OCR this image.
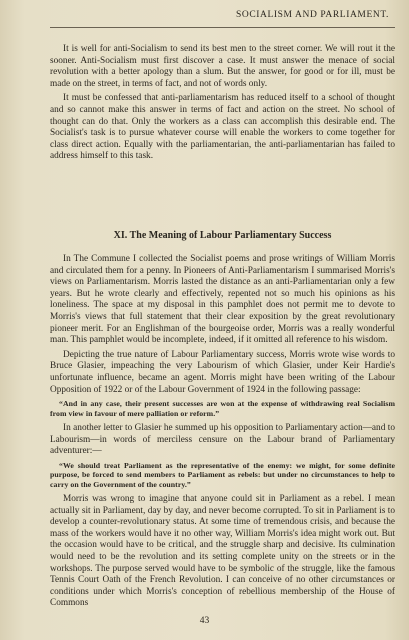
SOCIALISM AND PARLIAMENT.

It is well for anti-Socialism to send its best men to the street corner. We will rout it the sooner. Anti-Socialism must first discover a case. It must answer the menace of social revolution with a better apology than a slum. But the answer, for good or for ill, must be made on the street, in terms of fact, and not of words only.

It must be confessed that anti-parliamentarism has reduced itself to a school of thought and so cannot make this answer in terms of fact and action on the street. No school of thought can do that. Only the workers as a class can accomplish this desirable end. The Socialist's task is to pursue whatever course will enable the workers to come together for class direct action. Equally with the parliamentarian, the anti-parliamentarian has failed to address himself to this task.

XI. The Meaning of Labour Parliamentary Success

In The Commune I collected the Socialist poems and prose writings of William Morris and circulated them for a penny. In Pioneers of Anti-Parliamentarism I summarised Morris's views on Parliamentarism. Morris lasted the distance as an anti-Parliamentarian only a few years. But he wrote clearly and effectively, repented not so much his opinions as his loneliness. The space at my disposal in this pamphlet does not permit me to devote to Morris's views that full statement that their clear exposition by the great revolutionary pioneer merit. For an Englishman of the bourgeoise order, Morris was a really wonderful man. This pamphlet would be incomplete, indeed, if it omitted all reference to his wisdom.

Depicting the true nature of Labour Parliamentary success, Morris wrote wise words to Bruce Glasier, impeaching the very Labourism of which Glasier, under Keir Hardie's unfortunate influence, became an agent. Morris might have been writing of the Labour Opposition of 1922 or of the Labour Government of 1924 in the following passage:

“And in any case, their present successes are won at the expense of withdrawing real Socialism from view in favour of mere palliation or reform.”

In another letter to Glasier he summed up his opposition to Parliamentary action—and to Labourism—in words of merciless censure on the Labour brand of Parliamentary adventurer:—

“We should treat Parliament as the representative of the enemy: we might, for some definite purpose, be forced to send members to Parliament as rebels: but under no circumstances to help to carry on the Government of the country.”

Morris was wrong to imagine that anyone could sit in Parliament as a rebel. I mean actually sit in Parliament, day by day, and never become corrupted. To sit in Parliament is to develop a counter-revolutionary status. At some time of tremendous crisis, and because the mass of the workers would have it no other way, William Morris's idea might work out. But the occasion would have to be critical, and the struggle sharp and decisive. Its culmination would need to be the revolution and its setting complete unity on the streets or in the workshops. The purpose served would have to be symbolic of the struggle, like the famous Tennis Court Oath of the French Revolution. I can conceive of no other circumstances or conditions under which Morris's conception of rebellious membership of the House of Commons

43
